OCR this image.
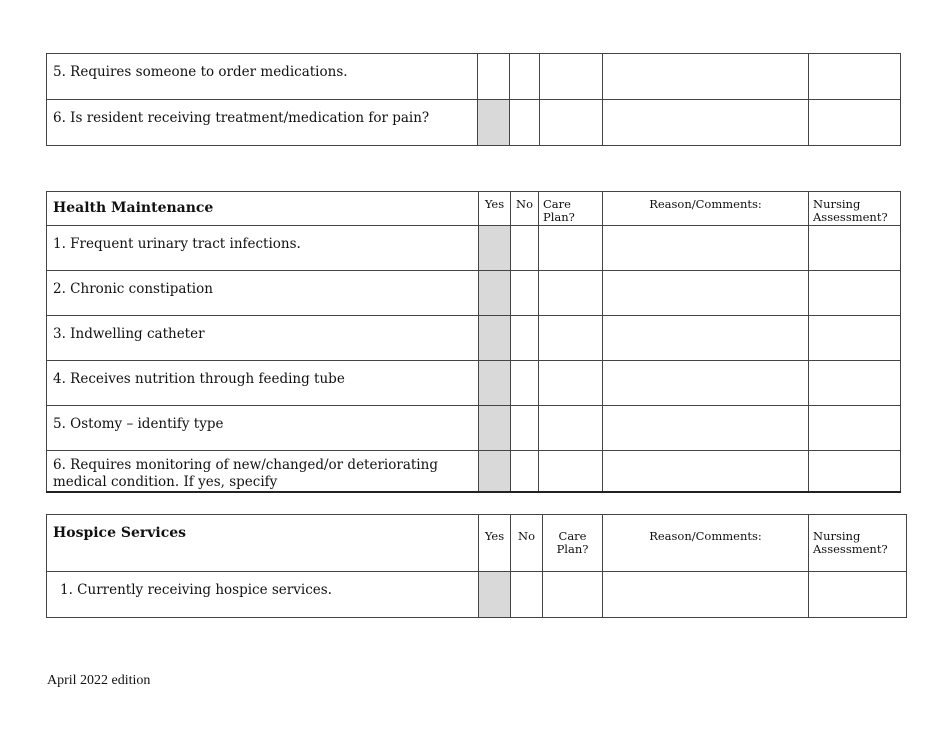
5. Requires someone to order medications.					
6. Is resident receiving treatment/medication for pain?					
Health Maintenance	Yes	No	Care Plan?	Reason/Comments:	Nursing Assessment?
1. Frequent urinary tract infections.					
2. Chronic constipation					
3. Indwelling catheter					
4. Receives nutrition through feeding tube					
5. Ostomy – identify type					
6. Requires monitoring of new/changed/or deteriorating medical condition. If yes, specify					
Hospice Services	Yes	No	Care Plan?	Reason/Comments:	Nursing Assessment?
1. Currently receiving hospice services.					
April 2022 edition
